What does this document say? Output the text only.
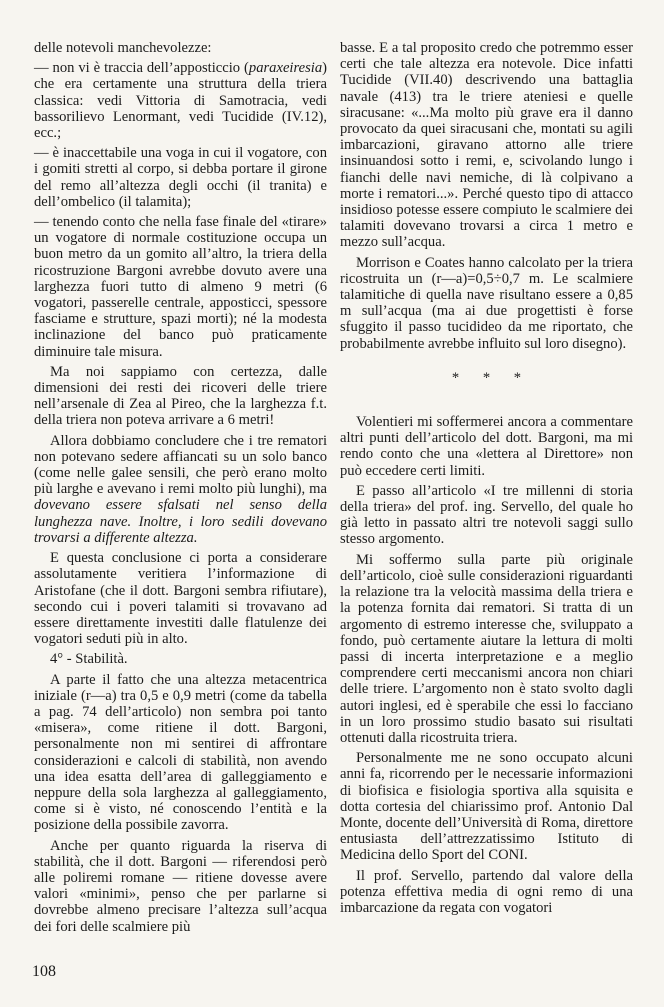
delle notevoli manchevolezze:

— non vi è traccia dell’apposticcio (paraxeiresia) che era certamente una struttura della triera classica: vedi Vittoria di Samotracia, vedi bassorilievo Lenormant, vedi Tucidide (IV.12), ecc.;

— è inaccettabile una voga in cui il vogatore, con i gomiti stretti al corpo, si debba portare il girone del remo all’altezza degli occhi (il tranita) e dell’ombelico (il talamita);

— tenendo conto che nella fase finale del «tirare» un vogatore di normale costituzione occupa un buon metro da un gomito all’altro, la triera della ricostruzione Bargoni avrebbe dovuto avere una larghezza fuori tutto di almeno 9 metri (6 vogatori, passerelle centrale, apposticci, spessore fasciame e strutture, spazi morti); né la modesta inclinazione del banco può praticamente diminuire tale misura.

Ma noi sappiamo con certezza, dalle dimensioni dei resti dei ricoveri delle triere nell’arsenale di Zea al Pireo, che la larghezza f.t. della triera non poteva arrivare a 6 metri!

Allora dobbiamo concludere che i tre rematori non potevano sedere affiancati su un solo banco (come nelle galee sensili, che però erano molto più larghe e avevano i remi molto più lunghi), ma dovevano essere sfalsati nel senso della lunghezza nave. Inoltre, i loro sedili dovevano trovarsi a differente altezza.

E questa conclusione ci porta a considerare assolutamente veritiera l’informazione di Aristofane (che il dott. Bargoni sembra rifiutare), secondo cui i poveri talamiti si trovavano ad essere direttamente investiti dalle flatulenze dei vogatori seduti più in alto.

4° - Stabilità.

A parte il fatto che una altezza metacentrica iniziale (r—a) tra 0,5 e 0,9 metri (come da tabella a pag. 74 dell’articolo) non sembra poi tanto «misera», come ritiene il dott. Bargoni, personalmente non mi sentirei di affrontare considerazioni e calcoli di stabilità, non avendo una idea esatta dell’area di galleggiamento e neppure della sola larghezza al galleggiamento, come si è visto, né conoscendo l’entità e la posizione della possibile zavorra.

Anche per quanto riguarda la riserva di stabilità, che il dott. Bargoni — riferendosi però alle poliremi romane — ritiene dovesse avere valori «minimi», penso che per parlarne si dovrebbe almeno precisare l’altezza sull’acqua dei fori delle scalmiere più

basse. E a tal proposito credo che potremmo esser certi che tale altezza era notevole. Dice infatti Tucidide (VII.40) descrivendo una battaglia navale (413) tra le triere ateniesi e quelle siracusane: «...Ma molto più grave era il danno provocato da quei siracusani che, montati su agili imbarcazioni, giravano attorno alle triere insinuandosi sotto i remi, e, scivolando lungo i fianchi delle navi nemiche, di là colpivano a morte i rematori...». Perché questo tipo di attacco insidioso potesse essere compiuto le scalmiere dei talamiti dovevano trovarsi a circa 1 metro e mezzo sull’acqua.

Morrison e Coates hanno calcolato per la triera ricostruita un (r—a)=0,5÷0,7 m. Le scalmiere talamitiche di quella nave risultano essere a 0,85 m sull’acqua (ma ai due progettisti è forse sfuggito il passo tucidideo da me riportato, che probabilmente avrebbe influito sul loro disegno).

* * *

Volentieri mi soffermerei ancora a commentare altri punti dell’articolo del dott. Bargoni, ma mi rendo conto che una «lettera al Direttore» non può eccedere certi limiti.

E passo all’articolo «I tre millenni di storia della triera» del prof. ing. Servello, del quale ho già letto in passato altri tre notevoli saggi sullo stesso argomento.

Mi soffermo sulla parte più originale dell’articolo, cioè sulle considerazioni riguardanti la relazione tra la velocità massima della triera e la potenza fornita dai rematori. Si tratta di un argomento di estremo interesse che, sviluppato a fondo, può certamente aiutare la lettura di molti passi di incerta interpretazione e a meglio comprendere certi meccanismi ancora non chiari delle triere. L’argomento non è stato svolto dagli autori inglesi, ed è sperabile che essi lo facciano in un loro prossimo studio basato sui risultati ottenuti dalla ricostruita triera.

Personalmente me ne sono occupato alcuni anni fa, ricorrendo per le necessarie informazioni di biofisica e fisiologia sportiva alla squisita e dotta cortesia del chiarissimo prof. Antonio Dal Monte, docente dell’Università di Roma, direttore entusiasta dell’attrezzatissimo Istituto di Medicina dello Sport del CONI.

Il prof. Servello, partendo dal valore della potenza effettiva media di ogni remo di una imbarcazione da regata con vogatori

108
